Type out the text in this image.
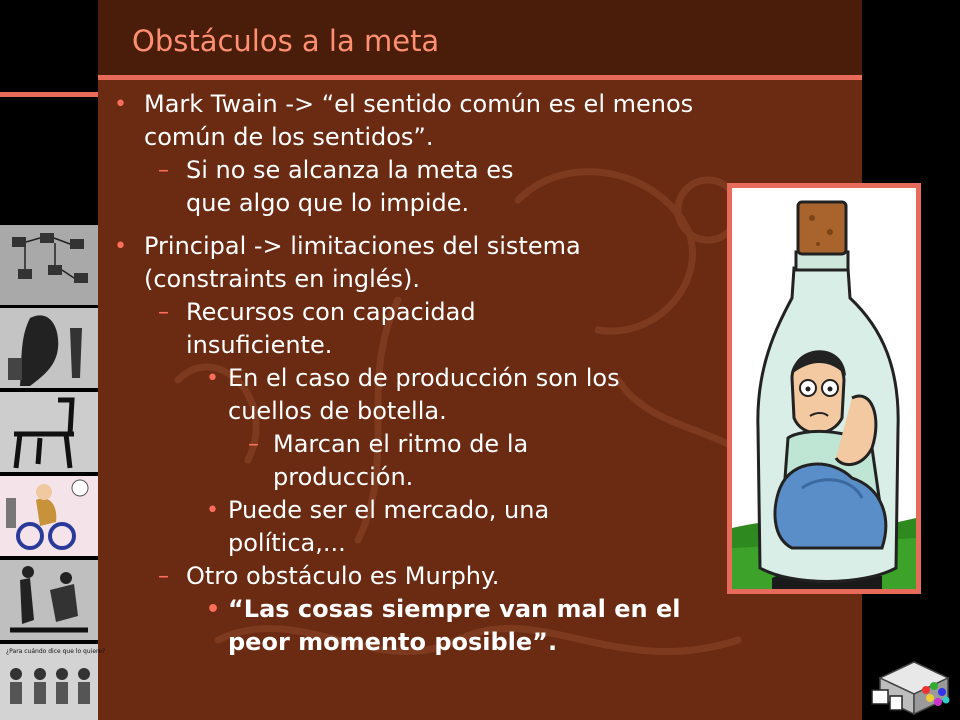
Obstáculos a la meta
¿Para cuándo dice que lo quiere?
• Mark Twain -> “el sentido común es el menos común de los sentidos”.
– Si no se alcanza la meta es que algo que lo impide.
• Principal -> limitaciones del sistema (constraints en inglés).
– Recursos con capacidad insuficiente.
• En el caso de producción son los cuellos de botella.
– Marcan el ritmo de la producción.
• Puede ser el mercado, una política,...
– Otro obstáculo es Murphy.
• “Las cosas siempre van mal en el peor momento posible”.
